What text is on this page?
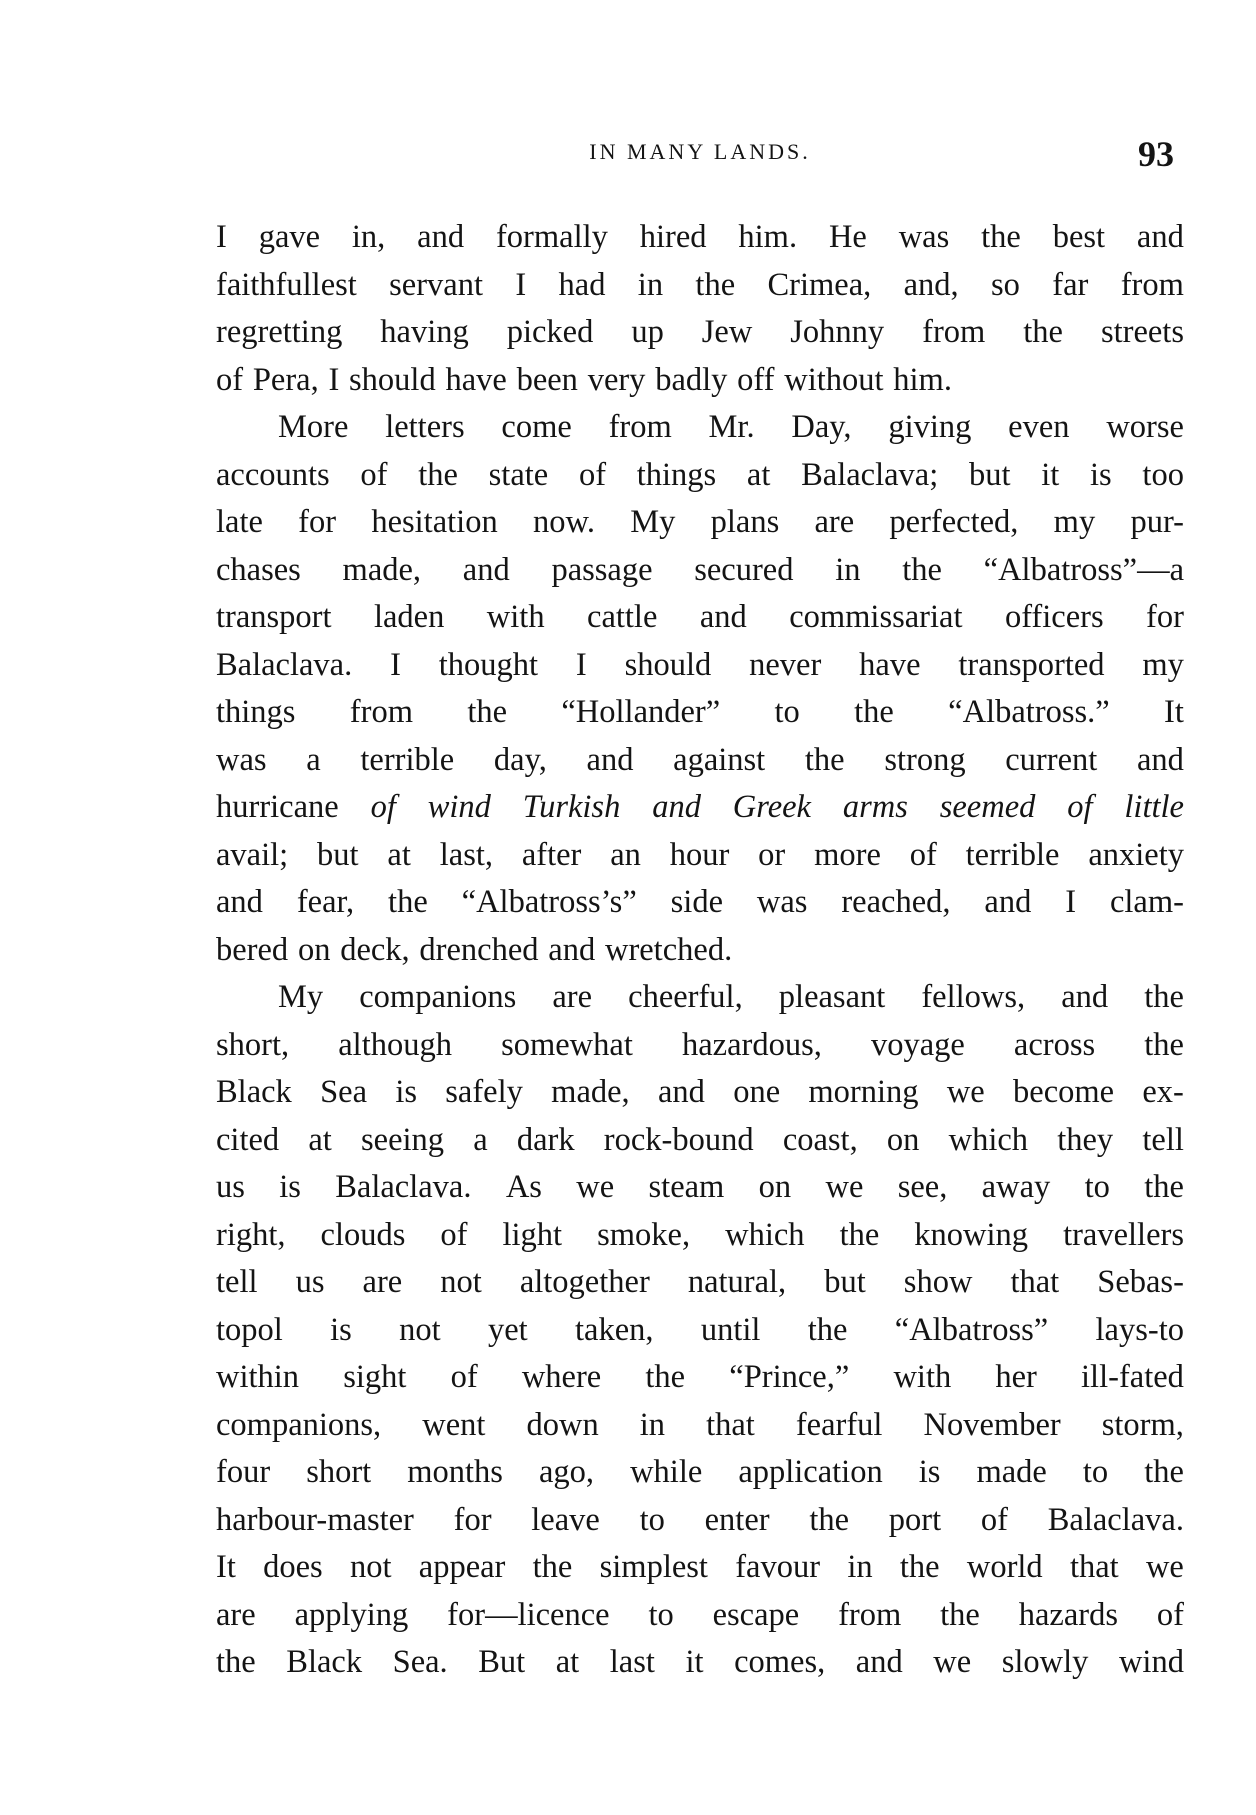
IN MANY LANDS.	93
I gave in, and formally hired him. He was the best and
faithfullest servant I had in the Crimea, and, so far from
regretting having picked up Jew Johnny from the streets
of Pera, I should have been very badly off without him.
More letters come from Mr. Day, giving even worse
accounts of the state of things at Balaclava; but it is too
late for hesitation now. My plans are perfected, my pur-
chases made, and passage secured in the “Albatross”—a
transport laden with cattle and commissariat officers for
Balaclava. I thought I should never have transported my
things from the “Hollander” to the “Albatross.” It
was a terrible day, and against the strong current and
hurricane of wind Turkish and Greek arms seemed of little
avail; but at last, after an hour or more of terrible anxiety
and fear, the “Albatross’s” side was reached, and I clam-
bered on deck, drenched and wretched.
My companions are cheerful, pleasant fellows, and the
short, although somewhat hazardous, voyage across the
Black Sea is safely made, and one morning we become ex-
cited at seeing a dark rock-bound coast, on which they tell
us is Balaclava. As we steam on we see, away to the
right, clouds of light smoke, which the knowing travellers
tell us are not altogether natural, but show that Sebas-
topol is not yet taken, until the “Albatross” lays-to
within sight of where the “Prince,” with her ill-fated
companions, went down in that fearful November storm,
four short months ago, while application is made to the
harbour-master for leave to enter the port of Balaclava.
It does not appear the simplest favour in the world that we
are applying for—licence to escape from the hazards of
the Black Sea. But at last it comes, and we slowly wind
